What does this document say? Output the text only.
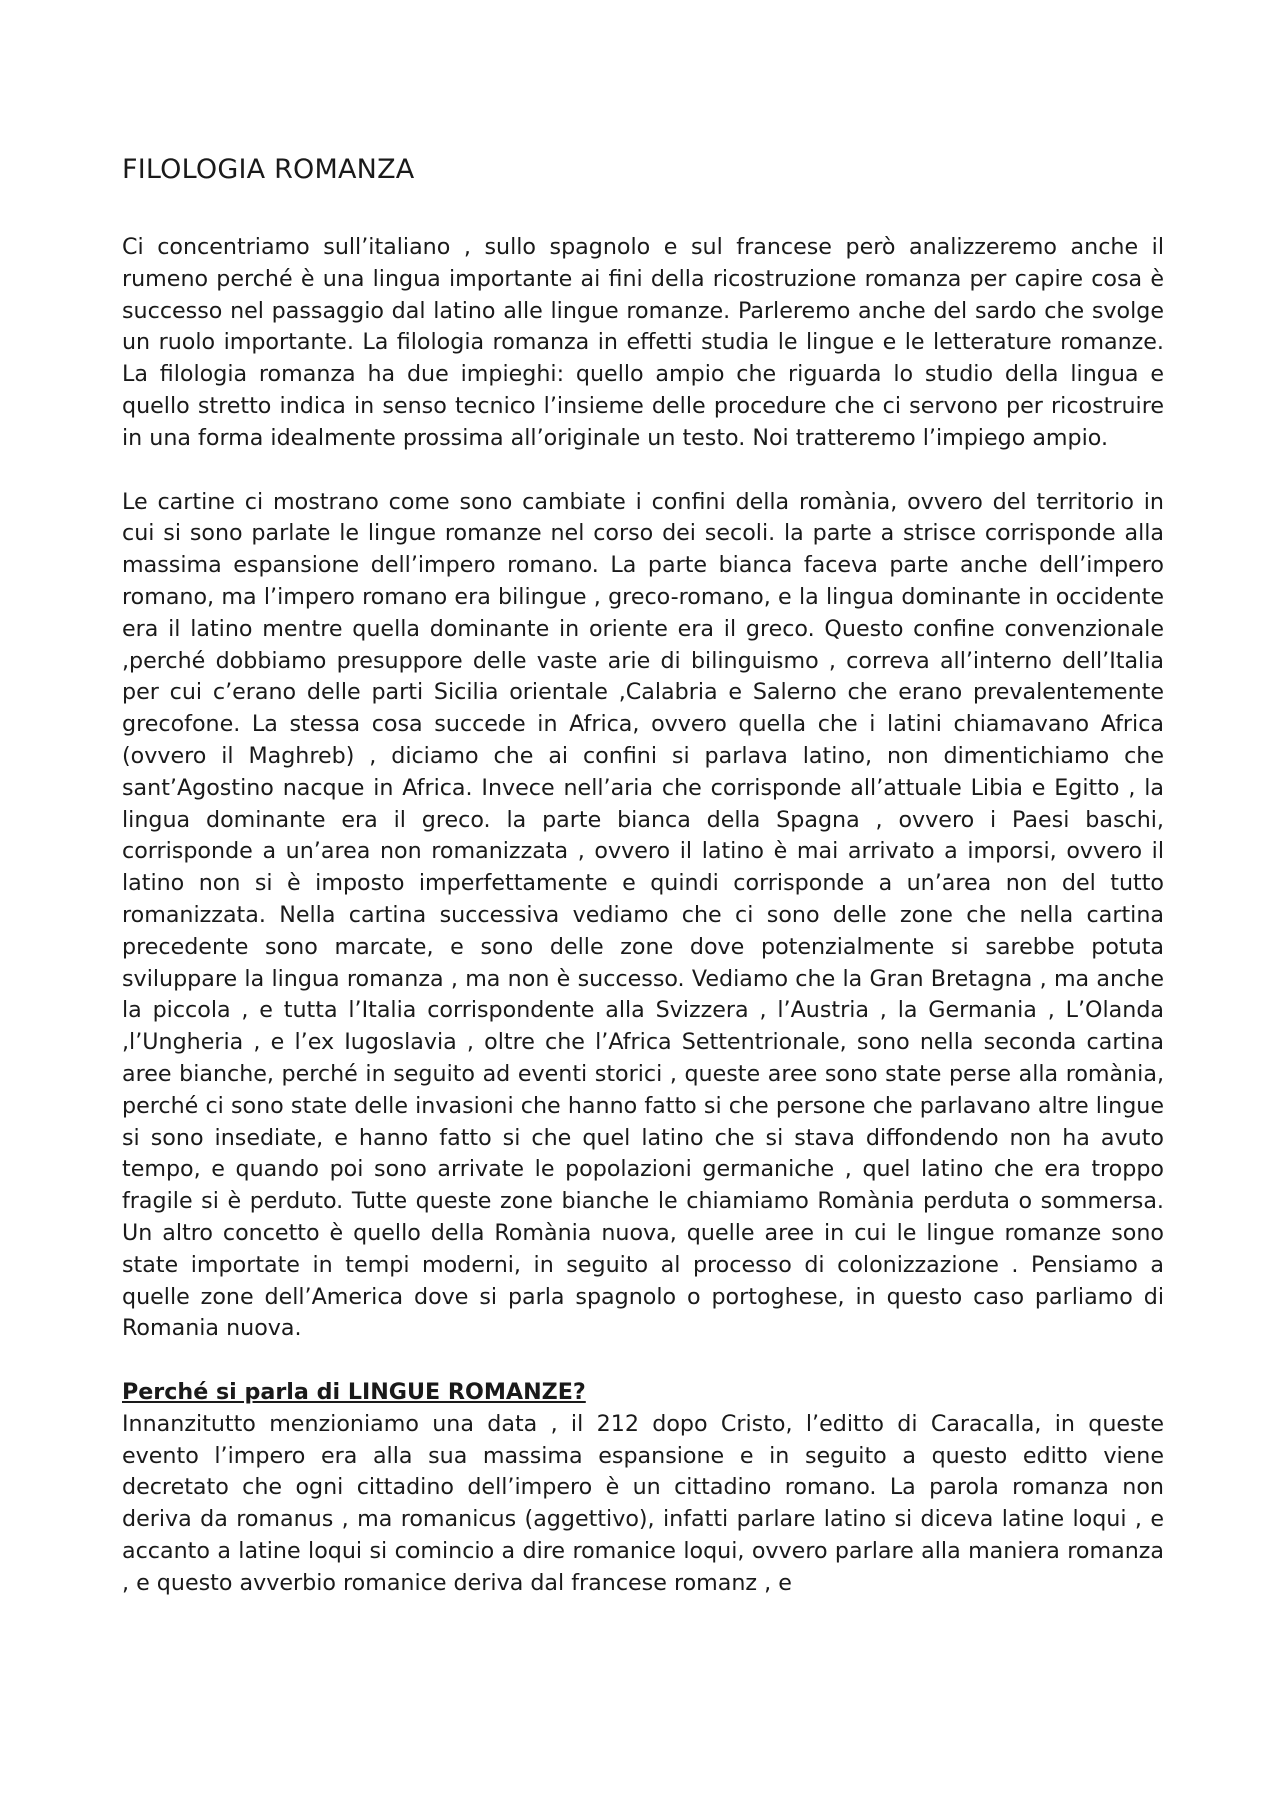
FILOLOGIA ROMANZA

Ci concentriamo sull’italiano , sullo spagnolo e sul francese però analizzeremo anche il rumeno perché è una lingua importante ai fini della ricostruzione romanza per capire cosa è successo nel passaggio dal latino alle lingue romanze. Parleremo anche del sardo che svolge un ruolo importante. La filologia romanza in effetti studia le lingue e le letterature romanze. La filologia romanza ha due impieghi: quello ampio che riguarda lo studio della lingua e quello stretto indica in senso tecnico l’insieme delle procedure che ci servono per ricostruire in una forma idealmente prossima all’originale un testo. Noi tratteremo l’impiego ampio.

Le cartine ci mostrano come sono cambiate i confini della romània, ovvero del territorio in cui si sono parlate le lingue romanze nel corso dei secoli. la parte a strisce corrisponde alla massima espansione dell’impero romano. La parte bianca faceva parte anche dell’impero romano, ma l’impero romano era bilingue , greco-romano, e la lingua dominante in occidente era il latino mentre quella dominante in oriente era il greco. Questo confine convenzionale ,perché dobbiamo presuppore delle vaste arie di bilinguismo , correva all’interno dell’Italia per cui c’erano delle parti Sicilia orientale ,Calabria e Salerno che erano prevalentemente grecofone. La stessa cosa succede in Africa, ovvero quella che i latini chiamavano Africa (ovvero il Maghreb) , diciamo che ai confini si parlava latino, non dimentichiamo che sant’Agostino nacque in Africa. Invece nell’aria che corrisponde all’attuale Libia e Egitto , la lingua dominante era il greco. la parte bianca della Spagna , ovvero i Paesi baschi, corrisponde a un’area non romanizzata , ovvero il latino è mai arrivato a imporsi, ovvero il latino non si è imposto imperfettamente e quindi corrisponde a un’area non del tutto romanizzata. Nella cartina successiva vediamo che ci sono delle zone che nella cartina precedente sono marcate, e sono delle zone dove potenzialmente si sarebbe potuta sviluppare la lingua romanza , ma non è successo. Vediamo che la Gran Bretagna , ma anche la piccola , e tutta l’Italia corrispondente alla Svizzera , l’Austria , la Germania , L’Olanda ,l’Ungheria , e l’ex Iugoslavia , oltre che l’Africa Settentrionale, sono nella seconda cartina aree bianche, perché in seguito ad eventi storici , queste aree sono state perse alla romània, perché ci sono state delle invasioni che hanno fatto si che persone che parlavano altre lingue si sono insediate, e hanno fatto si che quel latino che si stava diffondendo non ha avuto tempo, e quando poi sono arrivate le popolazioni germaniche , quel latino che era troppo fragile si è perduto. Tutte queste zone bianche le chiamiamo Romània perduta o sommersa. Un altro concetto è quello della Romània nuova, quelle aree in cui le lingue romanze sono state importate in tempi moderni, in seguito al processo di colonizzazione . Pensiamo a quelle zone dell’America dove si parla spagnolo o portoghese, in questo caso parliamo di Romania nuova.

Perché si parla di LINGUE ROMANZE?

Innanzitutto menzioniamo una data , il 212 dopo Cristo, l’editto di Caracalla, in queste evento l’impero era alla sua massima espansione e in seguito a questo editto viene decretato che ogni cittadino dell’impero è un cittadino romano. La parola romanza non deriva da romanus , ma romanicus (aggettivo), infatti parlare latino si diceva latine loqui , e accanto a latine loqui si comincio a dire romanice loqui, ovvero parlare alla maniera romanza , e questo avverbio romanice deriva dal francese romanz , e
